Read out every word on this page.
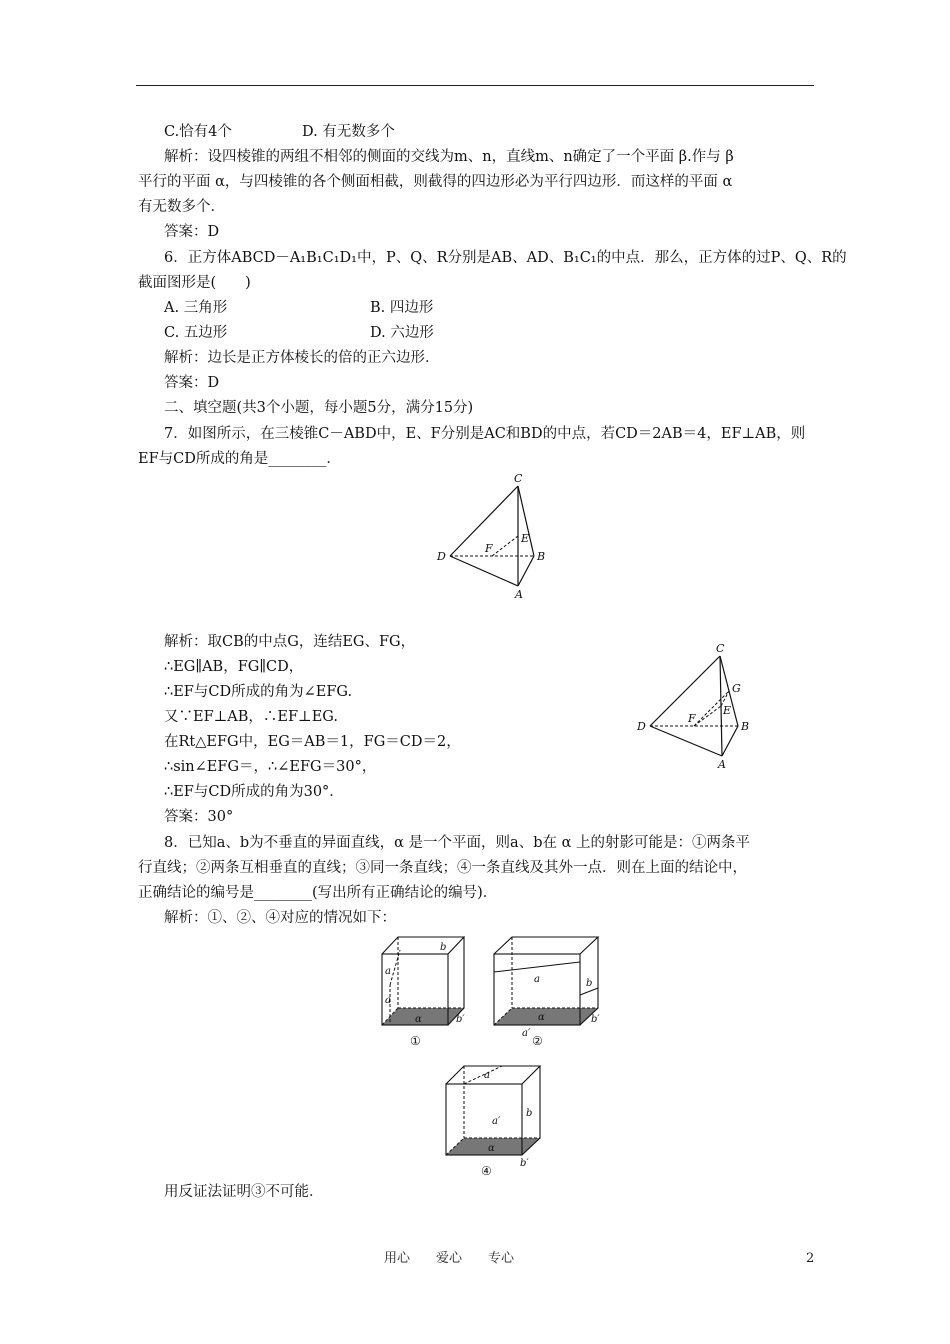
C.恰有4个	D. 有无数多个
解析：设四棱锥的两组不相邻的侧面的交线为m、n，直线m、n确定了一个平面 β.作与 β
平行的平面 α，与四棱锥的各个侧面相截，则截得的四边形必为平行四边形．而这样的平面 α
有无数多个．
答案：D
6．正方体ABCD－A₁B₁C₁D₁中，P、Q、R分别是AB、AD、B₁C₁的中点．那么，正方体的过P、Q、R的
截面图形是(　　)
A. 三角形	B. 四边形
C. 五边形	D. 六边形
解析：边长是正方体棱长的倍的正六边形．
答案：D
二、填空题(共3个小题，每小题5分，满分15分)
7．如图所示，在三棱锥C－ABD中，E、F分别是AC和BD的中点，若CD＝2AB＝4，EF⊥AB，则
EF与CD所成的角是________．
C
D	B
A
E
F
解析：取CB的中点G，连结EG、FG，
∴EG∥AB，FG∥CD，
∴EF与CD所成的角为∠EFG.
又∵EF⊥AB，∴EF⊥EG.
在Rt△EFG中，EG＝AB＝1，FG＝CD＝2，
∴sin∠EFG＝，∴∠EFG＝30°，
∴EF与CD所成的角为30°．
答案：30°
C
D	B
A
E
F
G
8．已知a、b为不垂直的异面直线，α 是一个平面，则a、b在 α 上的射影可能是：①两条平
行直线；②两条互相垂直的直线；③同一条直线；④一条直线及其外一点．则在上面的结论中，
正确结论的编号是________(写出所有正确结论的编号)．
解析：①、②、④对应的情况如下：
b
a
a
α	b′
①
a	b
α	b′
a′
②
a
a′
b
α
b′
④
用反证法证明③不可能．
用心　　爱心　　专心	2
